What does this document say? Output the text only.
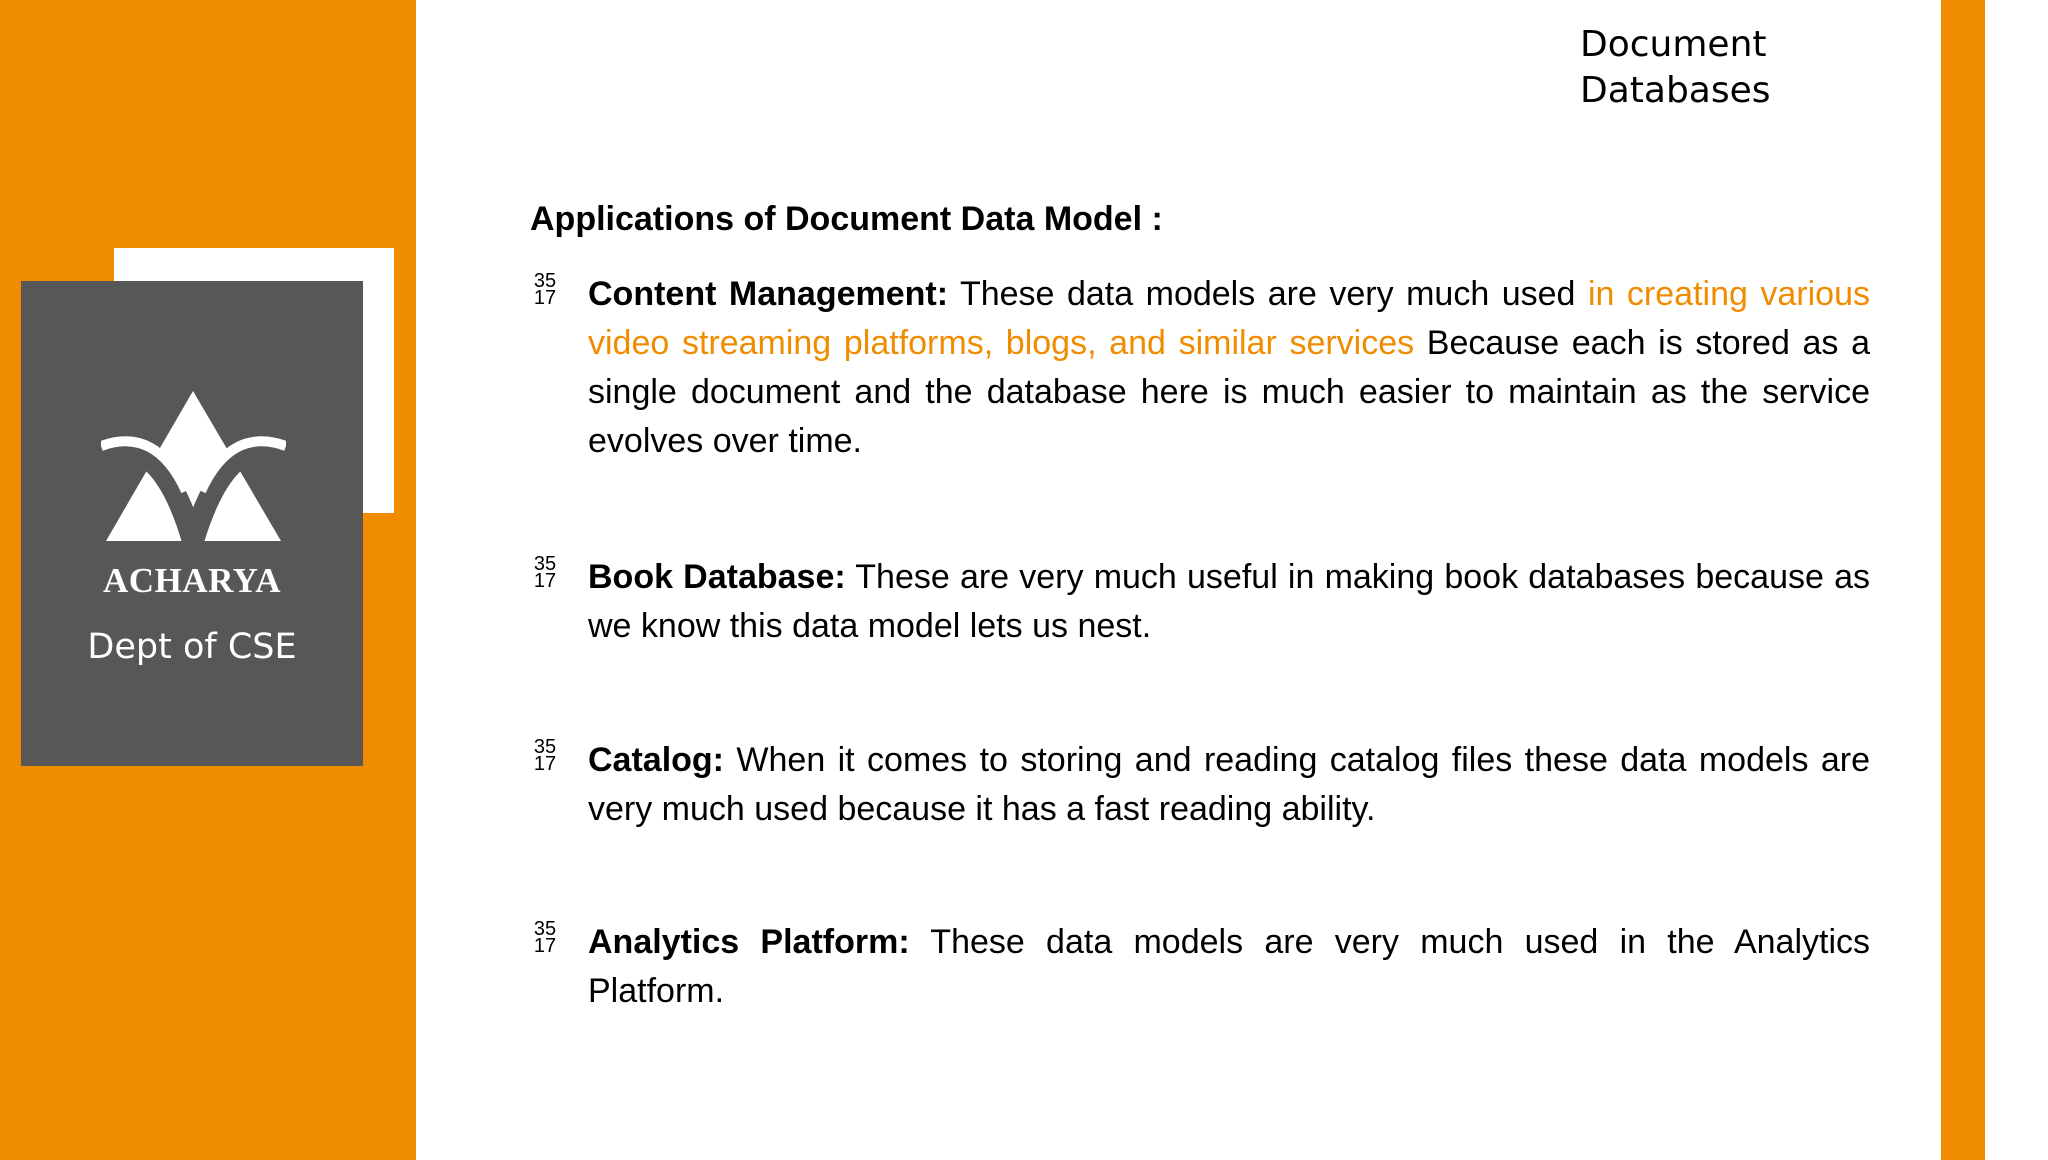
ACHARYA
Dept of CSE
Document
Databases
Applications of Document Data Model :
35
17 Content Management: These data models are very much used in creating various video streaming platforms, blogs, and similar services Because each is stored as a single document and the database here is much easier to maintain as the service evolves over time.
35
17 Book Database: These are very much useful in making book databases because as we know this data model lets us nest.
35
17 Catalog: When it comes to storing and reading catalog files these data models are very much used because it has a fast reading ability.
35
17 Analytics Platform: These data models are very much used in the Analytics Platform.
